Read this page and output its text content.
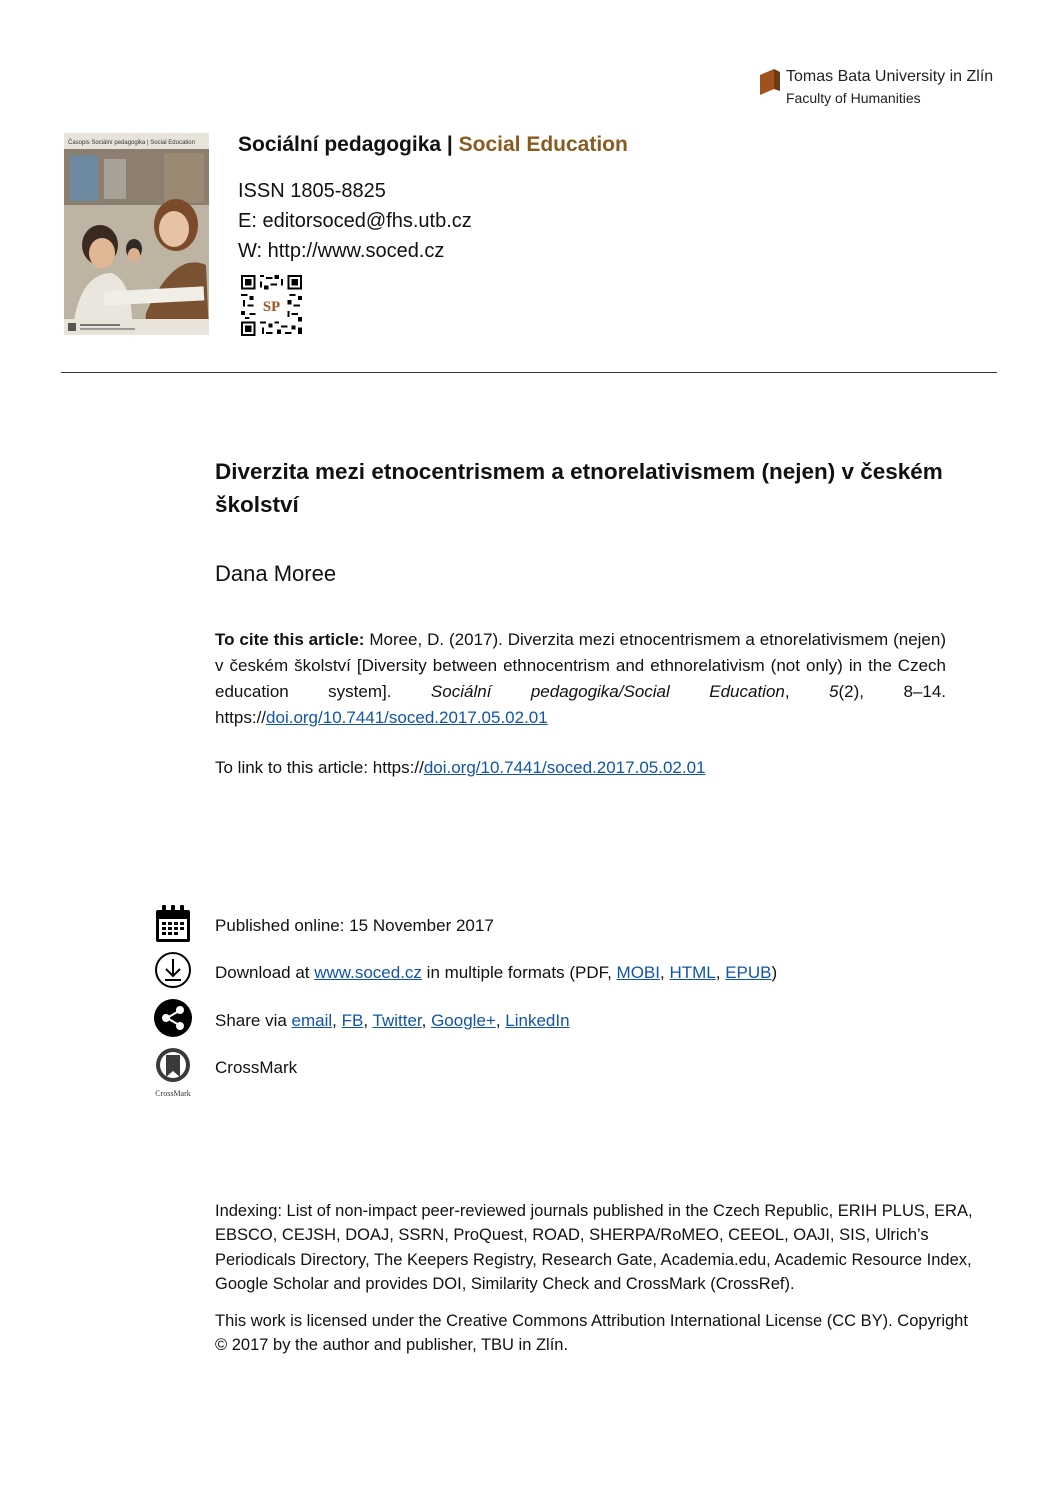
Tomas Bata University in Zlín
Faculty of Humanities
Časopis Sociální pedagogika | Social Education Sociální pedagogika | Social Education
ISSN 1805-8825
E: editorsoced@fhs.utb.cz
W: http://www.soced.cz
SP
Diverzita mezi etnocentrismem a etnorelativismem (nejen) v českém školství
Dana Moree
To cite this article: Moree, D. (2017). Diverzita mezi etnocentrismem a etnorelativismem (nejen) v českém školství [Diversity between ethnocentrism and ethnorelativism (not only) in the Czech education system]. Sociální pedagogika/Social Education, 5(2), 8–14. https://doi.org/10.7441/soced.2017.05.02.01
To link to this article: https://doi.org/10.7441/soced.2017.05.02.01
Published online: 15 November 2017
Download at www.soced.cz in multiple formats (PDF, MOBI, HTML, EPUB)
Share via email, FB, Twitter, Google+, LinkedIn
CrossMark
CrossMark
Indexing: List of non-impact peer-reviewed journals published in the Czech Republic, ERIH PLUS, ERA, EBSCO, CEJSH, DOAJ, SSRN, ProQuest, ROAD, SHERPA/RoMEO, CEEOL, OAJI, SIS, Ulrich’s Periodicals Directory, The Keepers Registry, Research Gate, Academia.edu, Academic Resource Index, Google Scholar and provides DOI, Similarity Check and CrossMark (CrossRef).
This work is licensed under the Creative Commons Attribution International License (CC BY). Copyright © 2017 by the author and publisher, TBU in Zlín.
